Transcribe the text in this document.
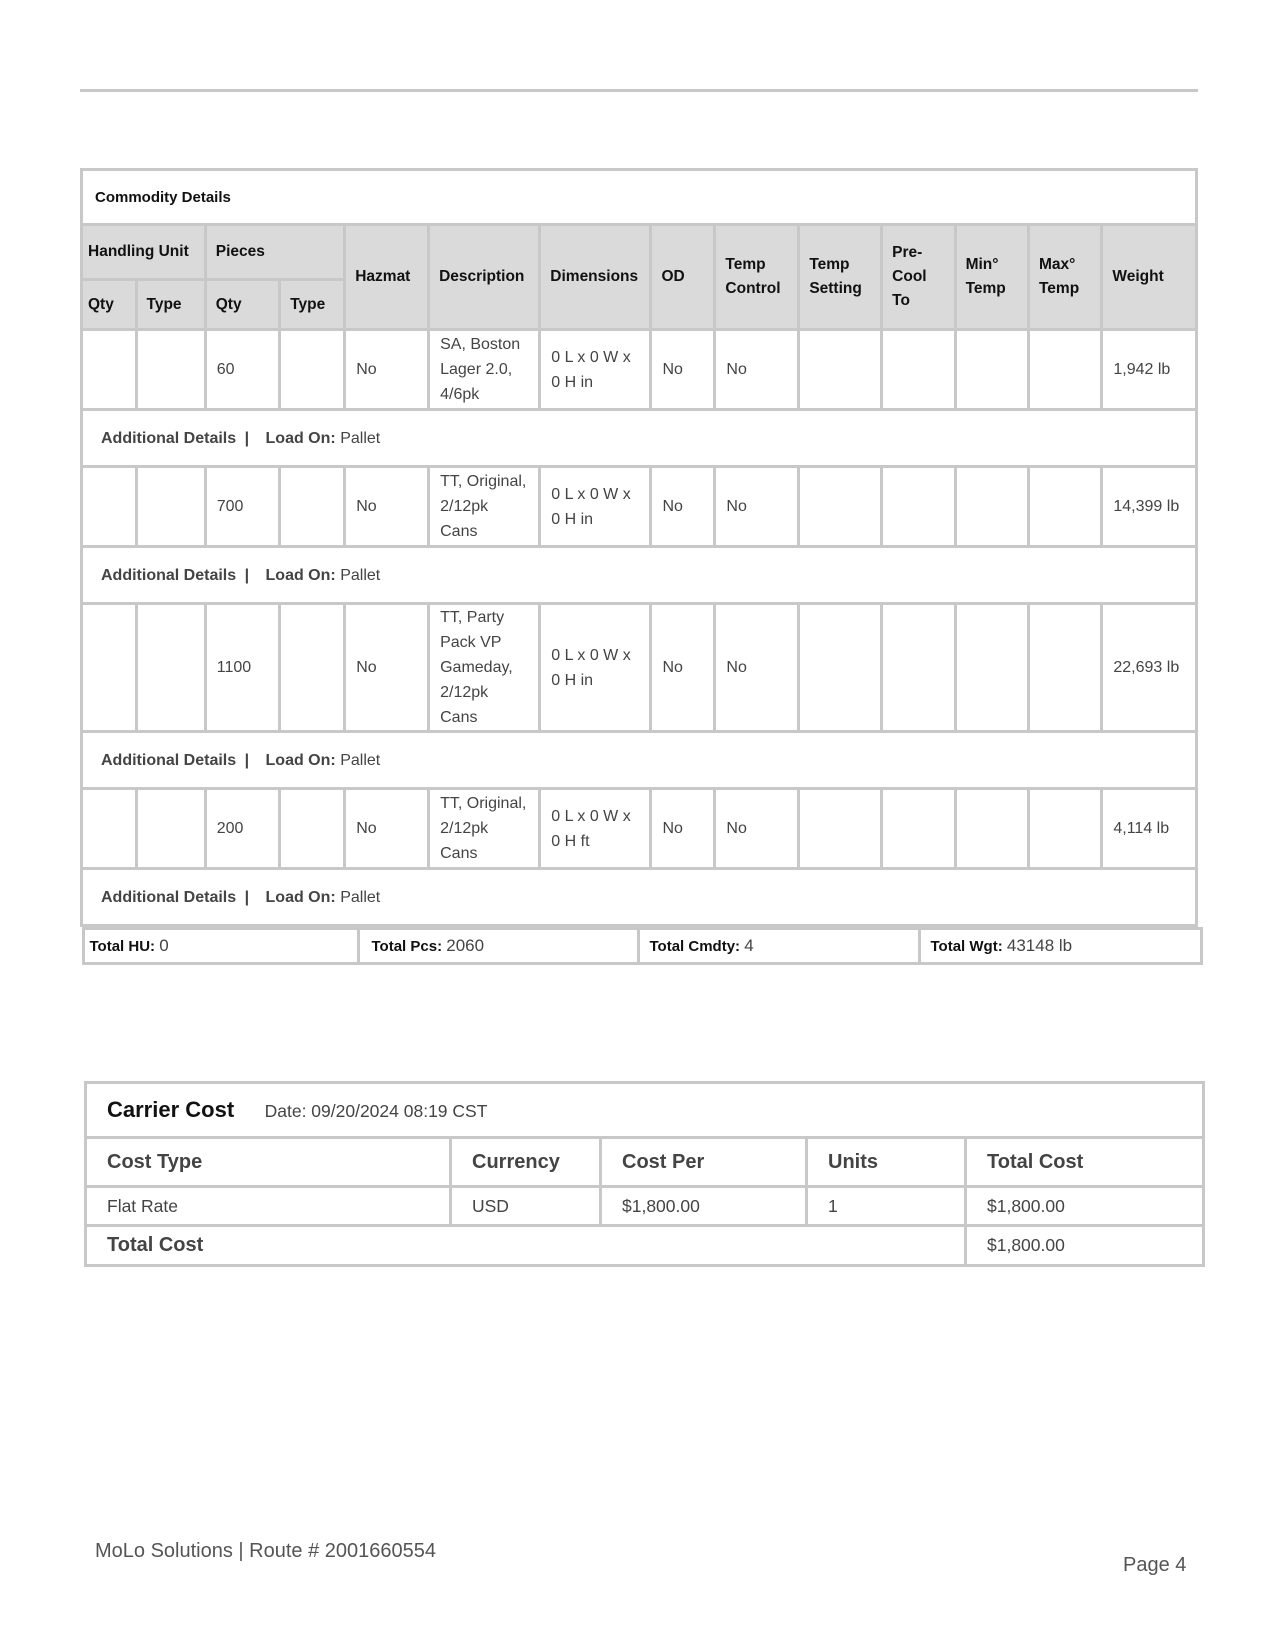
Commodity Details
Handling Unit	Pieces	Hazmat	Description	Dimensions	OD	Temp Control	Temp Setting	Pre-Cool To	Min° Temp	Max° Temp	Weight
Qty	Type	Qty	Type
		60		No	SA, Boston Lager 2.0, 4/6pk	0 L x 0 W x 0 H in	No	No					1,942 lb
Additional Details | Load On: Pallet
		700		No	TT, Original, 2/12pk Cans	0 L x 0 W x 0 H in	No	No					14,399 lb
Additional Details | Load On: Pallet
		1100		No	TT, Party Pack VP Gameday, 2/12pk Cans	0 L x 0 W x 0 H in	No	No					22,693 lb
Additional Details | Load On: Pallet
		200		No	TT, Original, 2/12pk Cans	0 L x 0 W x 0 H ft	No	No					4,114 lb
Additional Details | Load On: Pallet

Total HU: 0	Total Pcs: 2060	Total Cmdty: 4	Total Wgt: 43148 lb
Carrier Cost Date: 09/20/2024 08:19 CST				
Cost Type	Currency	Cost Per	Units	Total Cost
Flat Rate	USD	$1,800.00	1	$1,800.00
Total Cost				$1,800.00
MoLo Solutions | Route # 2001660554
Page 4
